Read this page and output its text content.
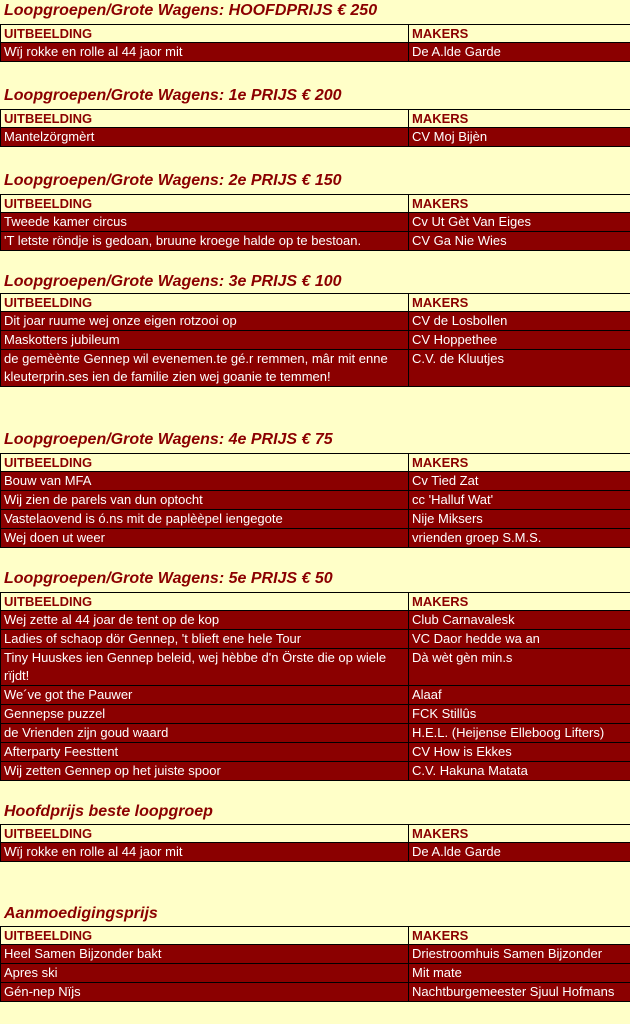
Loopgroepen/Grote Wagens: HOOFDPRIJS € 250
UITBEELDING	MAKERS
Wïj rokke en rolle al 44 jaor mit	De A.lde Garde
Loopgroepen/Grote Wagens: 1e PRIJS € 200
UITBEELDING	MAKERS
Mantelzörgmèrt	CV Moj Bijèn
Loopgroepen/Grote Wagens: 2e PRIJS € 150
UITBEELDING	MAKERS
Tweede kamer circus	Cv Ut Gèt Van Eiges
'T letste röndje is gedoan, bruune kroege halde op te bestoan.	CV Ga Nie Wies
Loopgroepen/Grote Wagens: 3e PRIJS € 100
UITBEELDING	MAKERS
Dit joar ruume wej onze eigen rotzooi op	CV de Losbollen
Maskotters jubileum	CV Hoppethee
de gemèènte Gennep wil evenemen.te gé.r remmen, mâr mit enne kleuterprin.ses ien de familie zien wej goanie te temmen!	C.V. de Kluutjes
Loopgroepen/Grote Wagens: 4e PRIJS € 75
UITBEELDING	MAKERS
Bouw van MFA	Cv Tied Zat
Wij zien de parels van dun optocht	cc 'Halluf Wat'
Vastelaovend is ó.ns mit de paplèèpel iengegote	Nije Miksers
Wej doen ut weer	vrienden groep S.M.S.
Loopgroepen/Grote Wagens: 5e PRIJS € 50
UITBEELDING	MAKERS
Wej zette al 44 joar de tent op de kop	Club Carnavalesk
Ladies of schaop dör Gennep, 't blieft ene hele Tour	VC Daor hedde wa an
Tiny Huuskes ien Gennep beleid, wej hèbbe d'n Örste die op wiele rïjdt!	Dà wèt gèn min.s
We´ve got the Pauwer	Alaaf
Gennepse puzzel	FCK Stillûs
de Vrienden zijn goud waard	H.E.L. (Heijense Elleboog Lifters)
Afterparty Feesttent	CV How is Ekkes
Wij zetten Gennep op het juiste spoor	C.V. Hakuna Matata
Hoofdprijs beste loopgroep
UITBEELDING	MAKERS
Wïj rokke en rolle al 44 jaor mit	De A.lde Garde
Aanmoedigingsprijs
UITBEELDING	MAKERS
Heel Samen Bijzonder bakt	Driestroomhuis Samen Bijzonder
Apres ski	Mit mate
Gén-nep Nïjs	Nachtburgemeester Sjuul Hofmans
